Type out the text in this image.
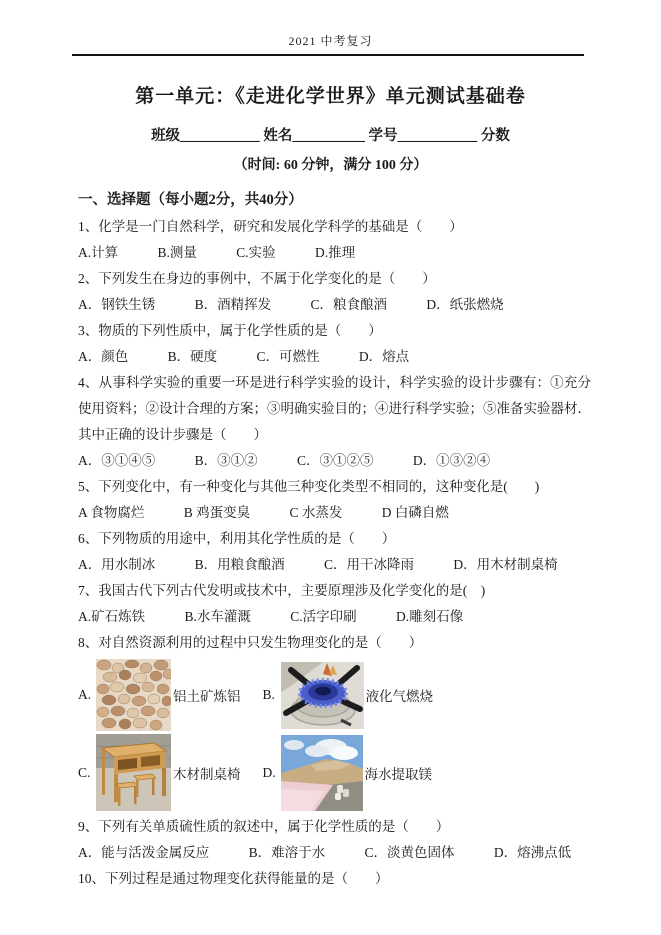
2021 中考复习
第一单元：《走进化学世界》单元测试基础卷
班级___________ 姓名__________ 学号___________ 分数
（时间: 60 分钟，满分 100 分）
一、选择题（每小题2分，共40分）

1、化学是一门自然科学，研究和发展化学科学的基础是（　　）

A.计算	B.测量	C.实验	D.推理

2、下列发生在身边的事例中，不属于化学变化的是（　　）

A．钢铁生锈	B．酒精挥发	C．粮食酿酒	D．纸张燃烧

3、物质的下列性质中，属于化学性质的是（　　）

A．颜色	B．硬度	C．可燃性	D．熔点

4、从事科学实验的重要一环是进行科学实验的设计，科学实验的设计步骤有：①充分使用资料；②设计合理的方案；③明确实验目的；④进行科学实验；⑤准备实验器材．其中正确的设计步骤是（　　）

A．③①④⑤	B．③①②	C．③①②⑤	D．①③②④

5、下列变化中，有一种变化与其他三种变化类型不相同的，这种变化是(　　)

A 食物腐烂	B 鸡蛋变臭	C 水蒸发	D 白磷自燃

6、下列物质的用途中，利用其化学性质的是（　　）

A．用水制冰	B．用粮食酿酒	C．用干冰降雨	D．用木材制桌椅

7、我国古代下列古代发明或技术中，主要原理涉及化学变化的是(　)

A.矿石炼铁	B.水车灌溉	C.活字印刷	D.雕刻石像

8、对自然资源利用的过程中只发生物理变化的是（　　）

A.	铝土矿炼铝 B.	液化气燃烧
C.	木材制桌椅 D.	海水提取镁

9、下列有关单质硫性质的叙述中，属于化学性质的是（　　）

A．能与活泼金属反应	B．难溶于水	C．淡黄色固体	D．熔沸点低

10、下列过程是通过物理变化获得能量的是（　　）
